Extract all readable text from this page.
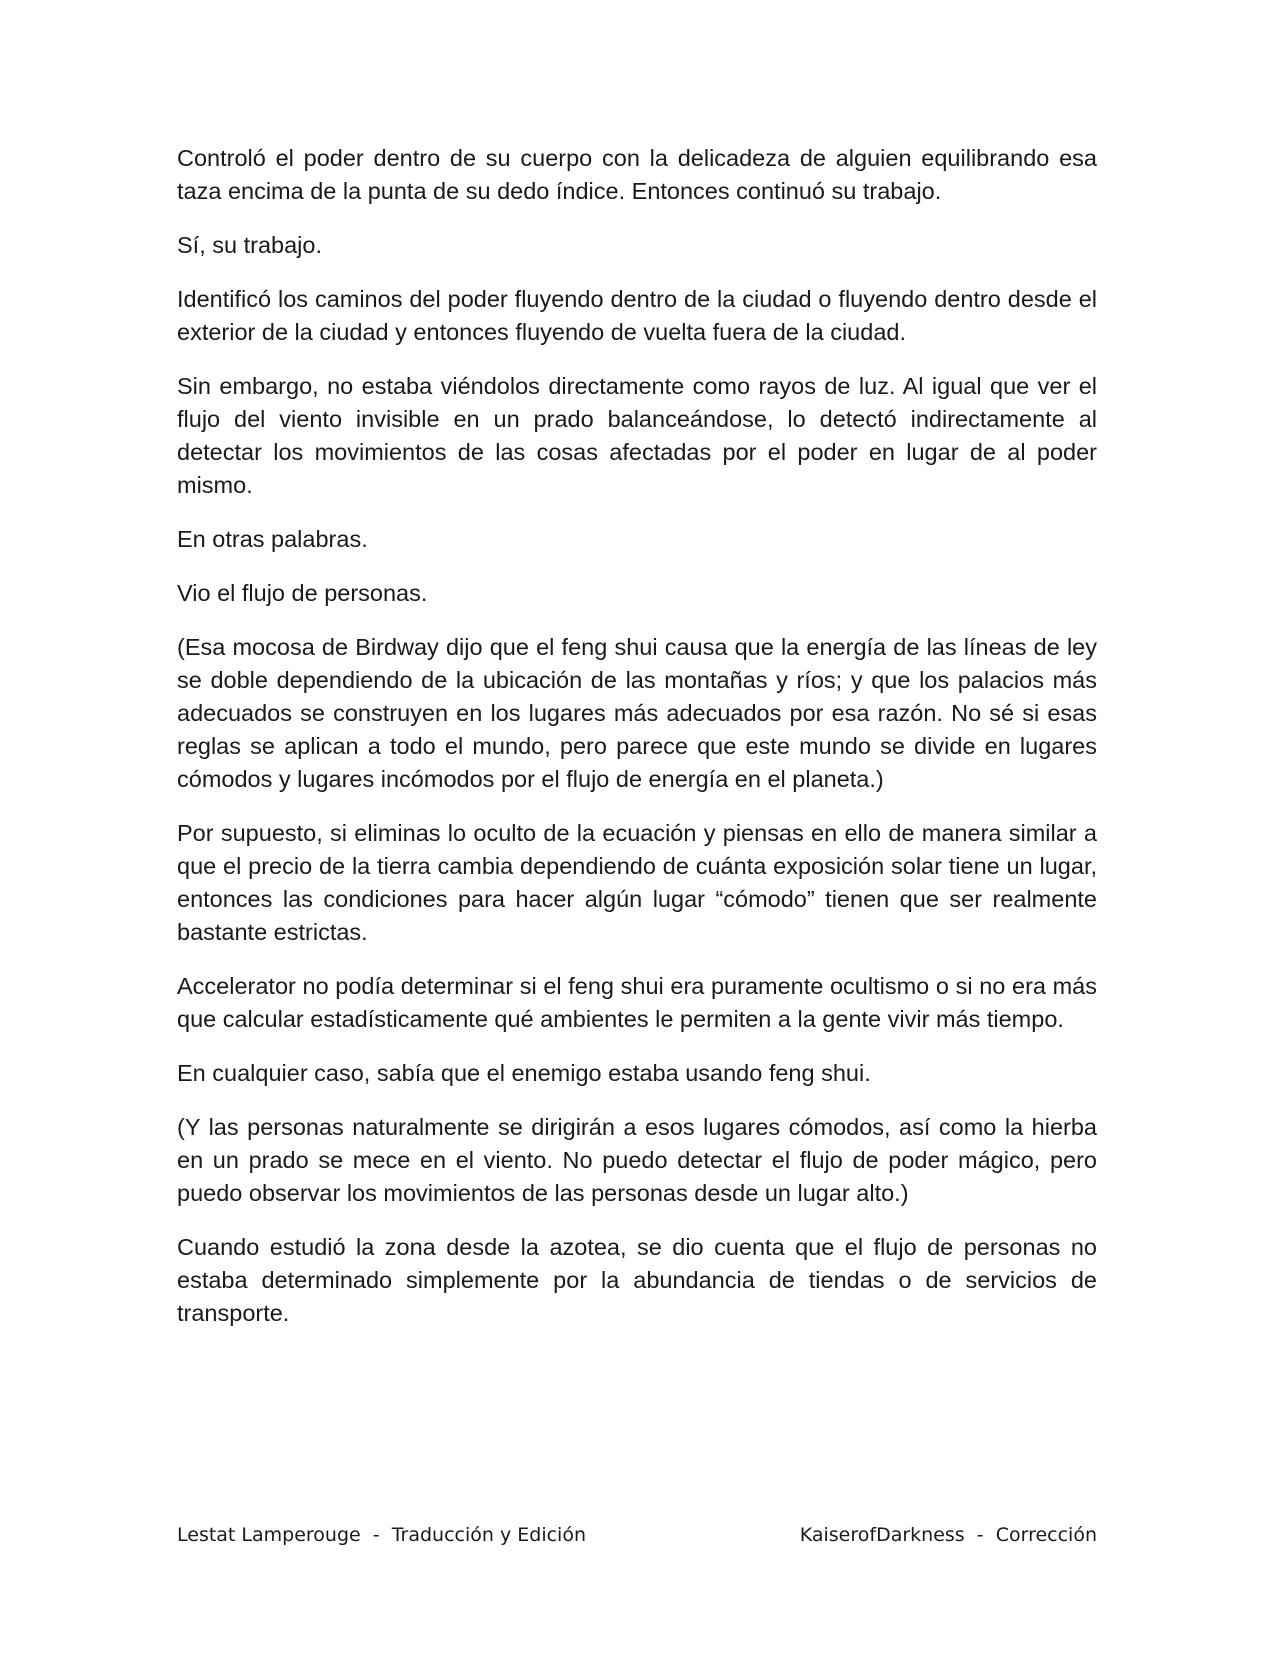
Controló el poder dentro de su cuerpo con la delicadeza de alguien equilibrando esa taza encima de la punta de su dedo índice. Entonces continuó su trabajo.

Sí, su trabajo.

Identificó los caminos del poder fluyendo dentro de la ciudad o fluyendo dentro desde el exterior de la ciudad y entonces fluyendo de vuelta fuera de la ciudad.

Sin embargo, no estaba viéndolos directamente como rayos de luz. Al igual que ver el flujo del viento invisible en un prado balanceándose, lo detectó indirectamente al detectar los movimientos de las cosas afectadas por el poder en lugar de al poder mismo.

En otras palabras.

Vio el flujo de personas.

(Esa mocosa de Birdway dijo que el feng shui causa que la energía de las líneas de ley se doble dependiendo de la ubicación de las montañas y ríos; y que los palacios más adecuados se construyen en los lugares más adecuados por esa razón. No sé si esas reglas se aplican a todo el mundo, pero parece que este mundo se divide en lugares cómodos y lugares incómodos por el flujo de energía en el planeta.)

Por supuesto, si eliminas lo oculto de la ecuación y piensas en ello de manera similar a que el precio de la tierra cambia dependiendo de cuánta exposición solar tiene un lugar, entonces las condiciones para hacer algún lugar “cómodo” tienen que ser realmente bastante estrictas.

Accelerator no podía determinar si el feng shui era puramente ocultismo o si no era más que calcular estadísticamente qué ambientes le permiten a la gente vivir más tiempo.

En cualquier caso, sabía que el enemigo estaba usando feng shui.

(Y las personas naturalmente se dirigirán a esos lugares cómodos, así como la hierba en un prado se mece en el viento. No puedo detectar el flujo de poder mágico, pero puedo observar los movimientos de las personas desde un lugar alto.)

Cuando estudió la zona desde la azotea, se dio cuenta que el flujo de personas no estaba determinado simplemente por la abundancia de tiendas o de servicios de transporte.

Lestat Lamperouge  -  Traducción y Edición	KaiserofDarkness  -  Corrección
